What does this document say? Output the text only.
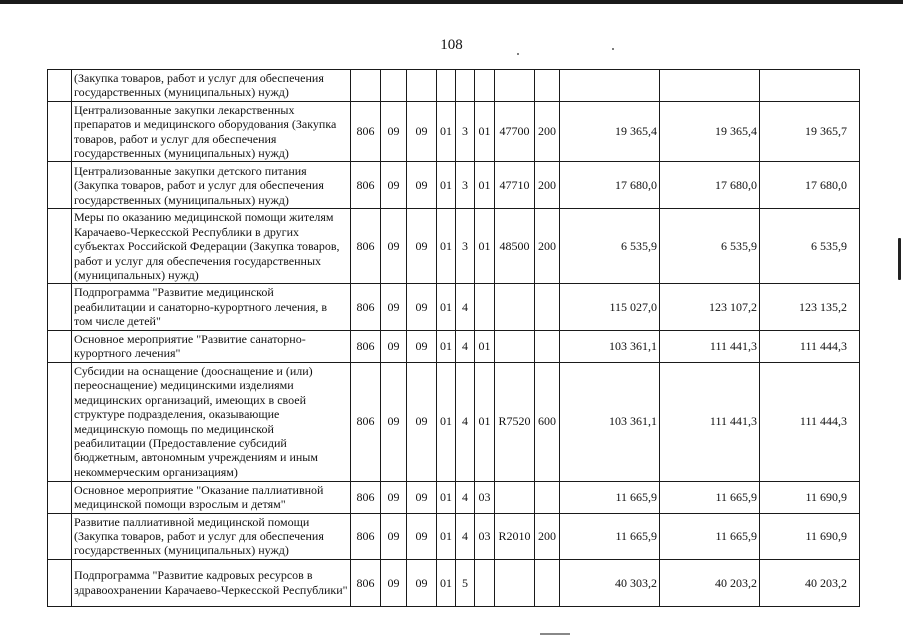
108
	(Закупка товаров, работ и услуг для обеспечения государственных (муниципальных) нужд)											
	Централизованные закупки лекарственных препаратов и медицинского оборудования (Закупка товаров, работ и услуг для обеспечения государственных (муниципальных) нужд)	806	09	09	01	3	01	47700	200	19 365,4	19 365,4	19 365,7
	Централизованные закупки детского питания (Закупка товаров, работ и услуг для обеспечения государственных (муниципальных) нужд)	806	09	09	01	3	01	47710	200	17 680,0	17 680,0	17 680,0
	Меры по оказанию медицинской помощи жителям Карачаево-Черкесской Республики в других субъектах Российской Федерации (Закупка товаров, работ и услуг для обеспечения государственных (муниципальных) нужд)	806	09	09	01	3	01	48500	200	6 535,9	6 535,9	6 535,9
	Подпрограмма "Развитие медицинской реабилитации и санаторно-курортного лечения, в том числе детей"	806	09	09	01	4				115 027,0	123 107,2	123 135,2
	Основное мероприятие "Развитие санаторно-курортного лечения"	806	09	09	01	4	01			103 361,1	111 441,3	111 444,3
	Субсидии на оснащение (дооснащение и (или) переоснащение) медицинскими изделиями медицинских организаций, имеющих в своей структуре подразделения, оказывающие медицинскую помощь по медицинской реабилитации (Предоставление субсидий бюджетным, автономным учреждениям и иным некоммерческим организациям)	806	09	09	01	4	01	R7520	600	103 361,1	111 441,3	111 444,3
	Основное мероприятие "Оказание паллиативной медицинской помощи взрослым и детям"	806	09	09	01	4	03			11 665,9	11 665,9	11 690,9
	Развитие паллиативной медицинской помощи (Закупка товаров, работ и услуг для обеспечения государственных (муниципальных) нужд)	806	09	09	01	4	03	R2010	200	11 665,9	11 665,9	11 690,9
	Подпрограмма "Развитие кадровых ресурсов в здравоохранении Карачаево-Черкесской Республики"	806	09	09	01	5				40 303,2	40 203,2	40 203,2
